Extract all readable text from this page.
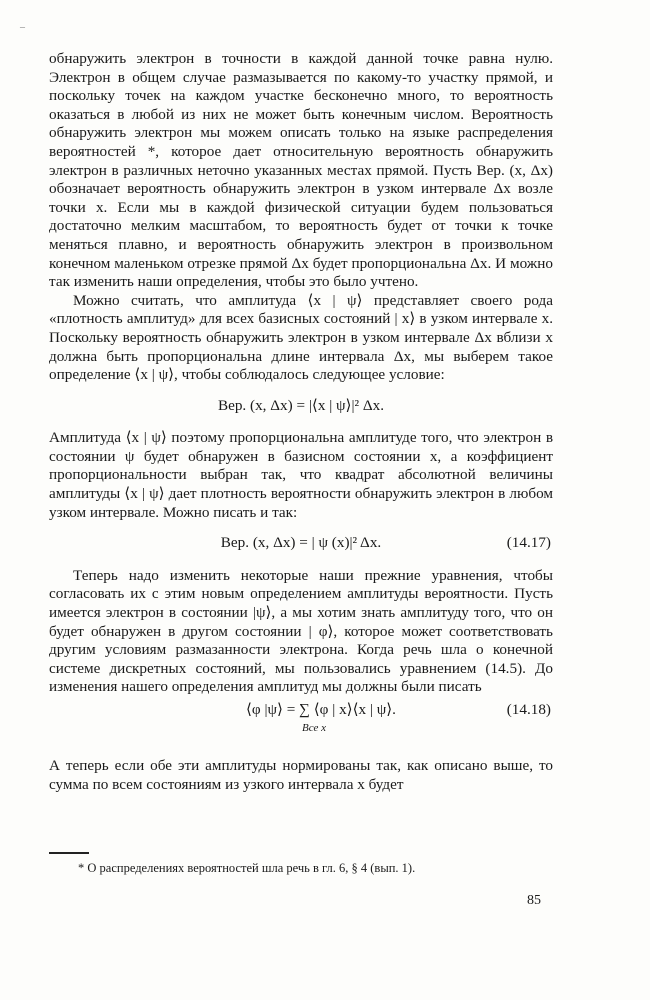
–

обнаружить электрон в точности в каждой данной точке равна нулю. Электрон в общем случае размазывается по какому-то участку прямой, и поскольку точек на каждом участке бесконечно много, то вероятность оказаться в любой из них не может быть конечным числом. Вероятность обнаружить электрон мы можем описать только на языке распределения вероятностей *, которое дает относительную вероятность обнаружить электрон в различных неточно указанных местах прямой. Пусть Вер. (x, Δx) обозначает вероятность обнаружить электрон в узком интервале Δx возле точки x. Если мы в каждой физической ситуации будем пользоваться достаточно мелким масштабом, то вероятность будет от точки к точке меняться плавно, и вероятность обнаружить электрон в произвольном конечном маленьком отрезке прямой Δx будет пропорциональна Δx. И можно так изменить наши определения, чтобы это было учтено.

Можно считать, что амплитуда ⟨x | ψ⟩ представляет своего рода «плотность амплитуд» для всех базисных состояний | x⟩ в узком интервале x. Поскольку вероятность обнаружить электрон в узком интервале Δx вблизи x должна быть пропорциональна длине интервала Δx, мы выберем такое определение ⟨x | ψ⟩, чтобы соблюдалось следующее условие:

Вер. (x, Δx) = |⟨x | ψ⟩|² Δx.

Амплитуда ⟨x | ψ⟩ поэтому пропорциональна амплитуде того, что электрон в состоянии ψ будет обнаружен в базисном состоянии x, а коэффициент пропорциональности выбран так, что квадрат абсолютной величины амплитуды ⟨x | ψ⟩ дает плотность вероятности обнаружить электрон в любом узком интервале. Можно писать и так:

Вер. (x, Δx) = | ψ (x)|² Δx.	(14.17)

Теперь надо изменить некоторые наши прежние уравнения, чтобы согласовать их с этим новым определением амплитуды вероятности. Пусть имеется электрон в состоянии |ψ⟩, а мы хотим знать амплитуду того, что он будет обнаружен в другом состоянии | φ⟩, которое может соответствовать другим условиям размазанности электрона. Когда речь шла о конечной системе дискретных состояний, мы пользовались уравнением (14.5). До изменения нашего определения амплитуд мы должны были писать

⟨φ |ψ⟩ = ∑ ⟨φ | x⟩⟨x | ψ⟩.
Все x
(14.18)

А теперь если обе эти амплитуды нормированы так, как описано выше, то сумма по всем состояниям из узкого интервала x будет

* О распределениях вероятностей шла речь в гл. 6, § 4 (вып. 1).
85
